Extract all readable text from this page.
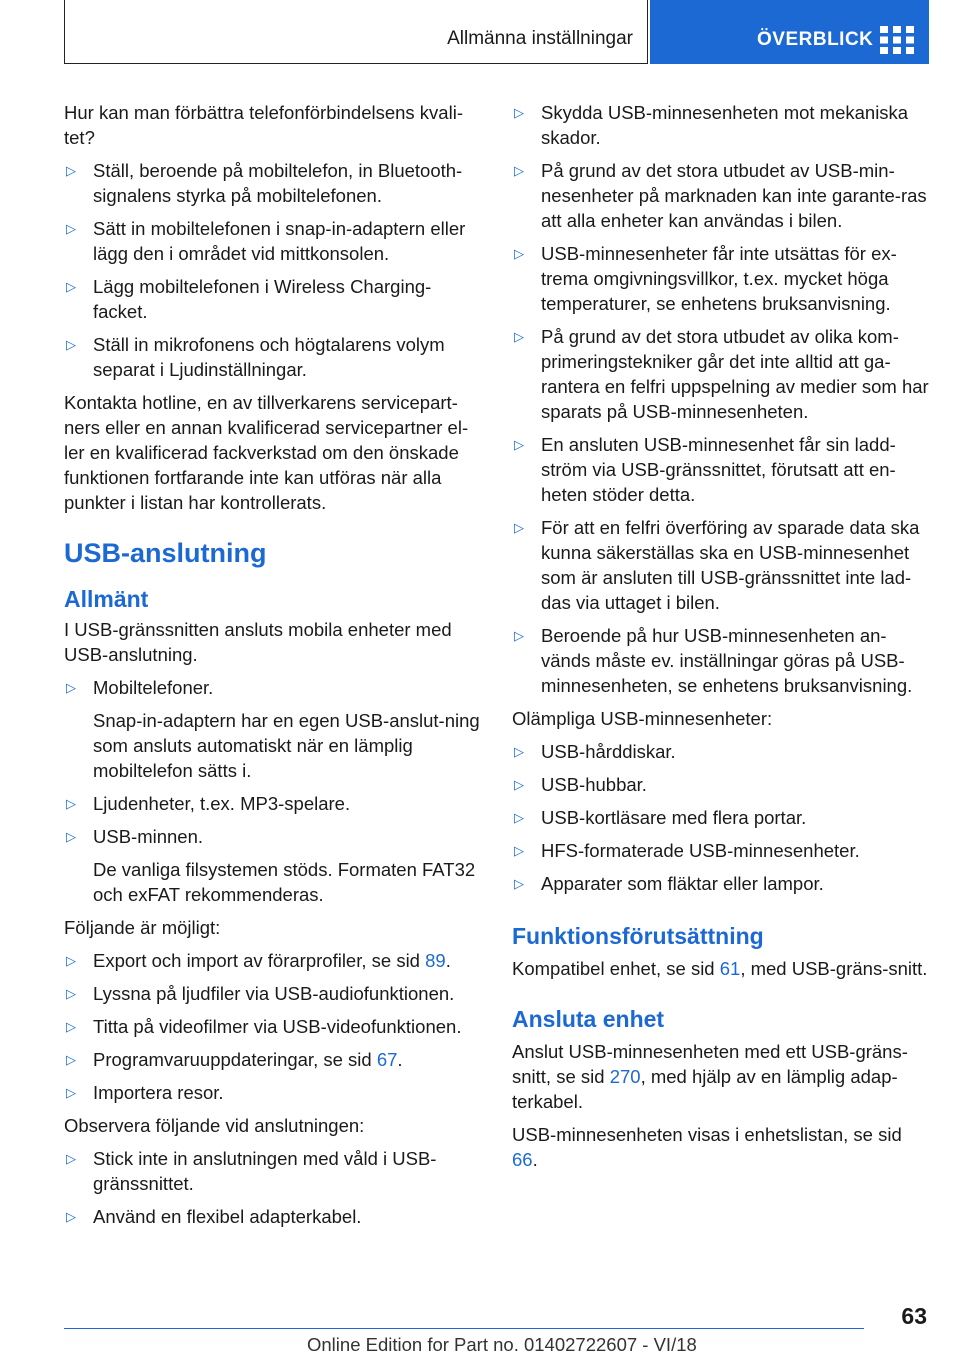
Allmänna inställningar	ÖVERBLICK

Hur kan man förbättra telefonförbindelsens kvali-tet?

▷ Ställ, beroende på mobiltelefon, in Bluetooth-signalens styrka på mobiltelefonen.
▷ Sätt in mobiltelefonen i snap-in-adaptern eller lägg den i området vid mittkonsolen.
▷ Lägg mobiltelefonen i Wireless Charging-facket.
▷ Ställ in mikrofonens och högtalarens volym separat i Ljudinställningar.

Kontakta hotline, en av tillverkarens servicepart-ners eller en annan kvalificerad servicepartner el-ler en kvalificerad fackverkstad om den önskade funktionen fortfarande inte kan utföras när alla punkter i listan har kontrollerats.

USB-anslutning
Allmänt

I USB-gränssnitten ansluts mobila enheter med USB-anslutning.

▷ Mobiltelefoner.
Snap-in-adaptern har en egen USB-anslut-ning som ansluts automatiskt när en lämplig mobiltelefon sätts i.
▷ Ljudenheter, t.ex. MP3-spelare.
▷ USB-minnen.
De vanliga filsystemen stöds. Formaten FAT32 och exFAT rekommenderas.

Följande är möjligt:

▷ Export och import av förarprofiler, se sid 89.
▷ Lyssna på ljudfiler via USB-audiofunktionen.
▷ Titta på videofilmer via USB-videofunktionen.
▷ Programvaruuppdateringar, se sid 67.
▷ Importera resor.

Observera följande vid anslutningen:

▷ Stick inte in anslutningen med våld i USB-gränssnittet.
▷ Använd en flexibel adapterkabel.
▷ Skydda USB-minnesenheten mot mekaniska skador.
▷ På grund av det stora utbudet av USB-min-nesenheter på marknaden kan inte garante-ras att alla enheter kan användas i bilen.
▷ USB-minnesenheter får inte utsättas för ex-trema omgivningsvillkor, t.ex. mycket höga temperaturer, se enhetens bruksanvisning.
▷ På grund av det stora utbudet av olika kom-primeringstekniker går det inte alltid att ga-rantera en felfri uppspelning av medier som har sparats på USB-minnesenheten.
▷ En ansluten USB-minnesenhet får sin ladd-ström via USB-gränssnittet, förutsatt att en-heten stöder detta.
▷ För att en felfri överföring av sparade data ska kunna säkerställas ska en USB-minnesenhet som är ansluten till USB-gränssnittet inte lad-das via uttaget i bilen.
▷ Beroende på hur USB-minnesenheten an-vänds måste ev. inställningar göras på USB-minnesenheten, se enhetens bruksanvisning.

Olämpliga USB-minnesenheter:

▷ USB-hårddiskar.
▷ USB-hubbar.
▷ USB-kortläsare med flera portar.
▷ HFS-formaterade USB-minnesenheter.
▷ Apparater som fläktar eller lampor.
Funktionsförutsättning

Kompatibel enhet, se sid 61, med USB-gräns-snitt.

Ansluta enhet

Anslut USB-minnesenheten med ett USB-gräns-snitt, se sid 270, med hjälp av en lämplig adap-terkabel.

USB-minnesenheten visas i enhetslistan, se sid 66.

63
Online Edition for Part no. 01402722607 - VI/18
